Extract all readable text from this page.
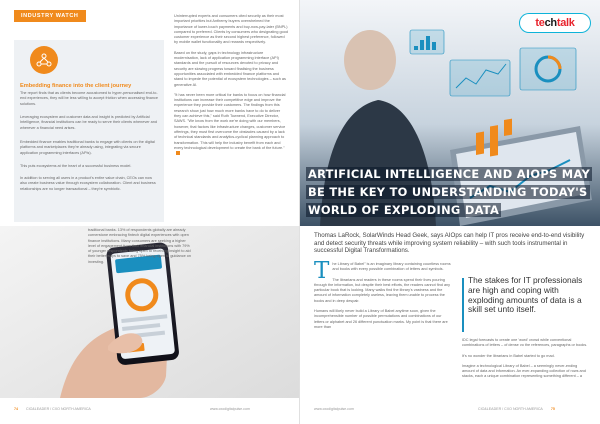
INDUSTRY WATCH
Embedding finance into the client journey
The report finds that as clients become accustomed to hyper-personalised end-to-end experiences, they will be less willing to accept friction when accessing finance solutions.
Leveraging ecosystem and customer data and insight is predicted by Artificial Intelligence, financial institutions can be ready to serve their clients whenever and wherever a financial need arises.
Embedded finance enables traditional banks to engage with clients on the digital platforms and marketplaces they're already using, integrating via secure application programming interfaces (APIs).
This puts ecosystems at the heart of a successful business model.
In addition to serving all users in a product's entire value chain, CEOs can now also create business value through ecosystem collaboration. Client and business relationships are no longer transactional – they're symbiotic.

Uninterrupted experts and consumers cited security as their most important priorities but Anthemy buyers overwhelmed the importance of lower-touch payments and buy-now-pay-later (BNPL) compared to preferred. Clients by consumers who designating good customer experience as their second highest preference, followed by mobile wallet functionality and rewards respectively.

Based on the study, gaps in technology infrastructure modernisation, lack of application programming interface (API) standards and the pursuit of resources devoted to privacy and security are slowing progress toward finalising the business opportunities associated with embedded finance platforms and stand to impede the potential of ecosystem technologies – such as generative AI.

"It has never been more critical for banks to focus on how financial institutions can increase their competitive edge and improve the experience they provide their customers. The findings from this research show just how much more banks have to do to deliver they can achieve this," said Ruth Townend, Executive Director, SAWS. "We know from the work we're doing with our members, however, that factors like infrastructure changes, customer service offerings, they must first overcome the obstacles caused by a lack of technical standards and analytics-cyclical planning approach to transformation. This will help the industry benefit from each and every technological development to create the bank of the future."

traditional banks. 13% of respondents globally are already cornerstone embracing fintech digital experiences with open finance institutions. Many consumers are seeking a higher level of engagement from their financial institutions with 79% of younger respondents being open to receiving insight to aid their better ways to save and 75% being open to guidance on investing.
74 CIO&LEADER / CXO NORTH AMERICA	www.cxodigitalpulse.com
te ch talk
ARTIFICIAL INTELLIGENCE AND AIOPS MAY BE THE KEY TO UNDERSTANDING TODAY'S WORLD OF EXPLODING DATA
Thomas LaRock, SolarWinds Head Geek, says AIOps can help IT pros receive end-to-end visibility and detect security threats while improving system reliability – with such tools instrumental in successful Digital Transformations.

The Library of Babel" is an imaginary library containing countless rooms and books with every possible combination of letters and symbols.

The librarians and readers in these rooms spend their lives pouring through the information, but despite their best efforts, the readers cannot find any particular book that is looking. Many walks find the library's vastness and the amount of information completely useless, leaving them unable to process the books and in deep despair.

Humans will likely never build a Library of Babel anytime soon, given the incomprehensible number of possible permutations and combinations of our letters or alphabet and 26 different punctuation marks. My point is that there are more than

The stakes for IT professionals are high and coping with exploding amounts of data is a skill set unto itself.

IDC legal forecasts to create one 'word' crowd while conventional combinations of letters – of dense vo the references, paragraphs or books.

It's no wonder the librarians in Babel started to go mad.

Imagine a technological Library of Babel – a seemingly never-ending amount of data and information. An ever-expanding collection of rows and stacks, each a unique combination representing something different – a

www.cxodigitalpulse.com	CIO&LEADER / CXO NORTH AMERICA 75
